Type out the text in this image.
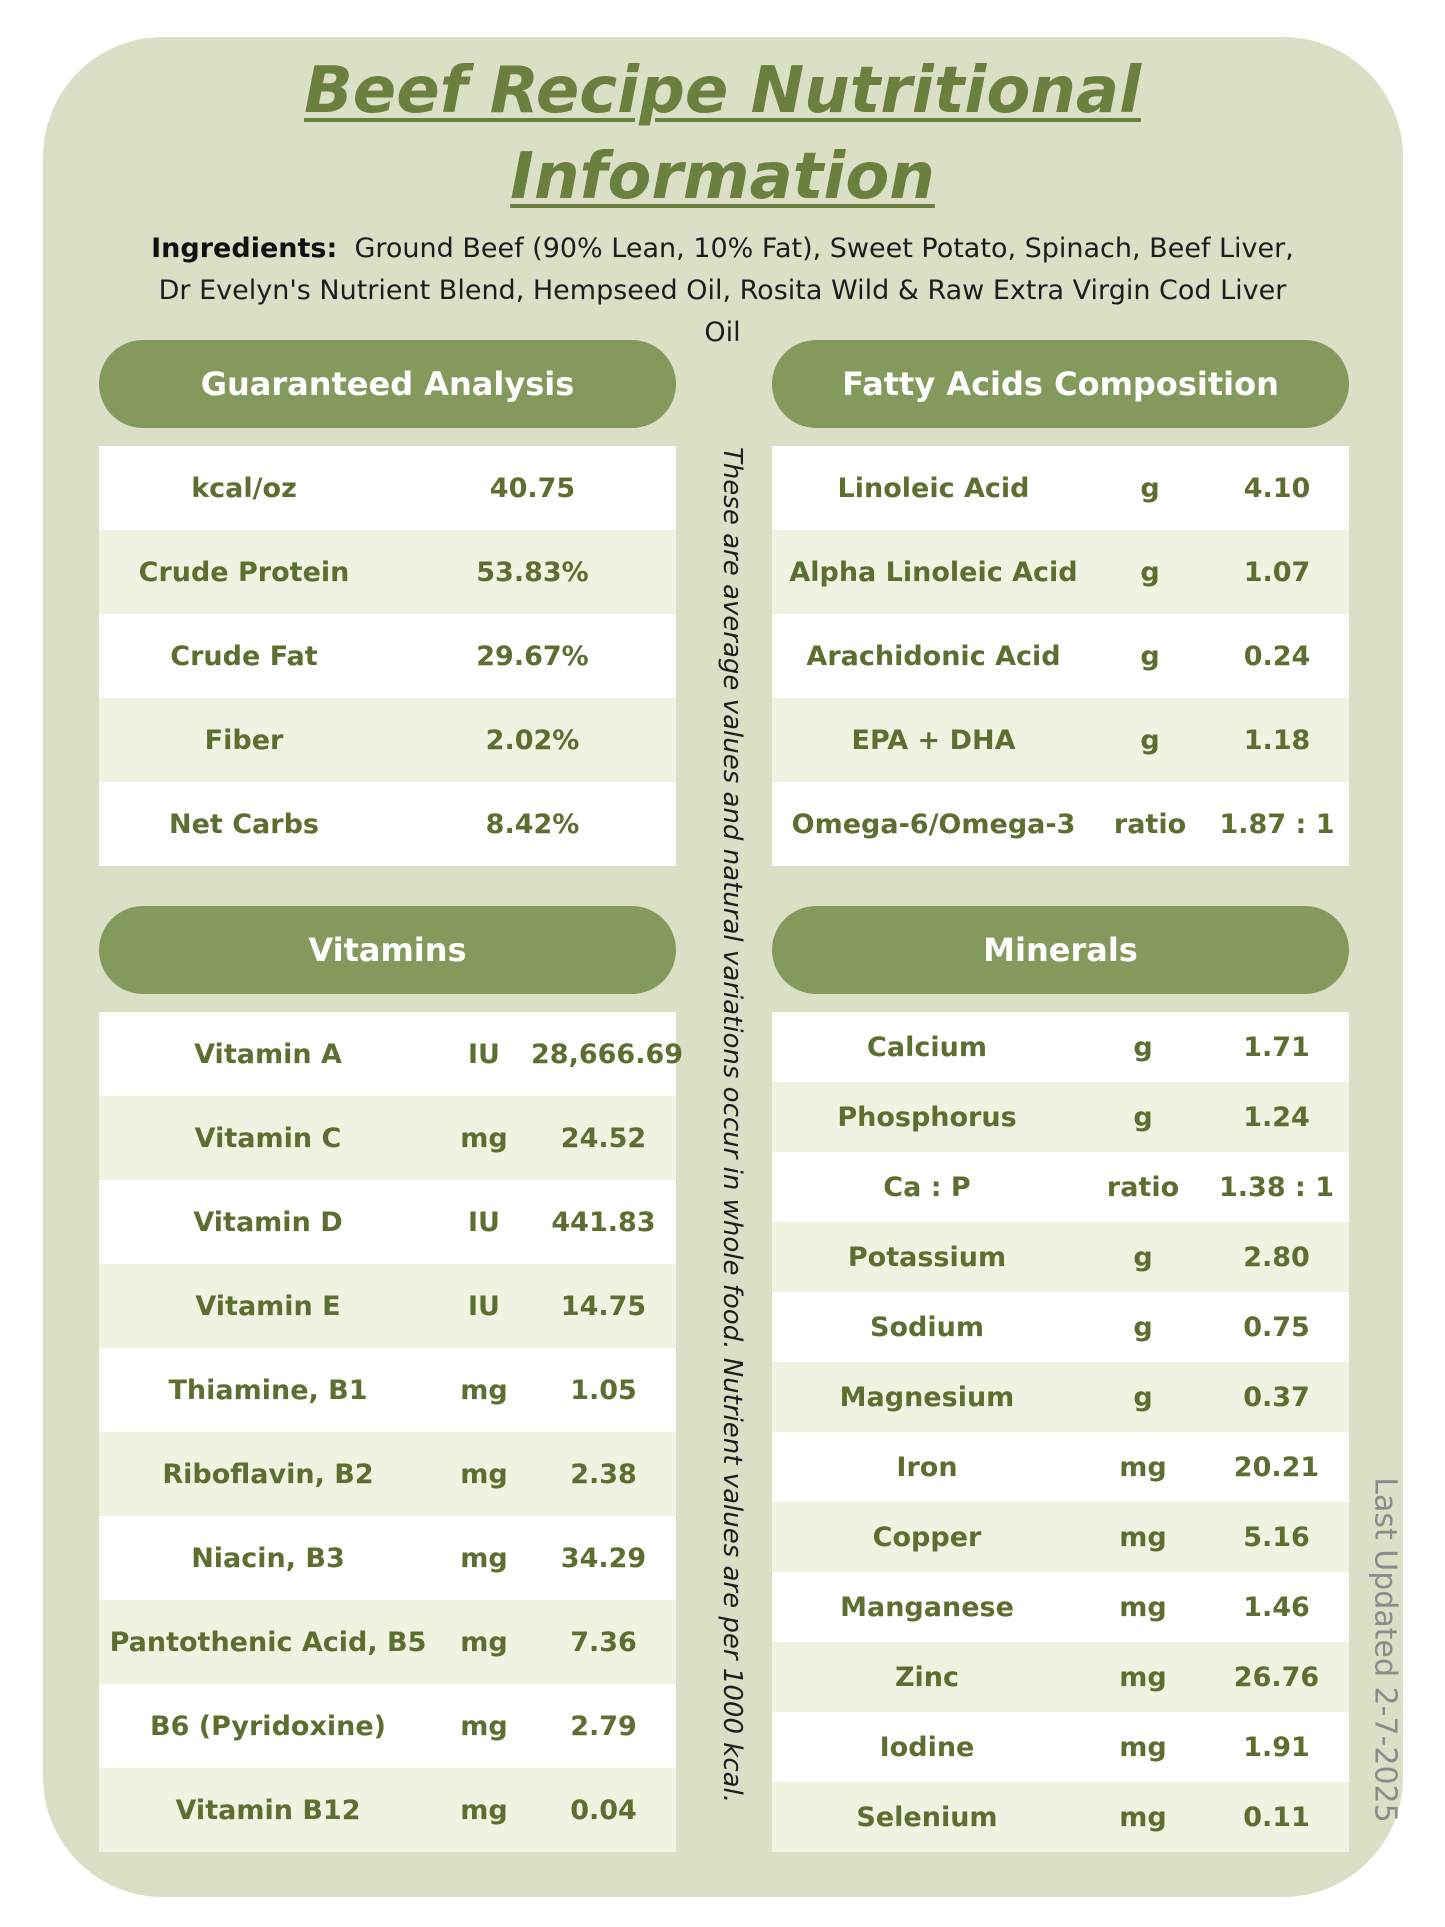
Beef Recipe Nutritional
Information
Ingredients: Ground Beef (90% Lean, 10% Fat), Sweet Potato, Spinach, Beef Liver, Dr Evelyn's Nutrient Blend, Hempseed Oil, Rosita Wild & Raw Extra Virgin Cod Liver Oil
Guaranteed Analysis
kcal/oz	40.75
Crude Protein	53.83%
Crude Fat	29.67%
Fiber	2.02%
Net Carbs	8.42%
Fatty Acids Composition
Linoleic Acid	g	4.10
Alpha Linoleic Acid	g	1.07
Arachidonic Acid	g	0.24
EPA + DHA	g	1.18
Omega-6/Omega-3	ratio	1.87 : 1
Vitamins
Vitamin A	IU	28,666.69
Vitamin C	mg	24.52
Vitamin D	IU	441.83
Vitamin E	IU	14.75
Thiamine, B1	mg	1.05
Riboflavin, B2	mg	2.38
Niacin, B3	mg	34.29
Pantothenic Acid, B5	mg	7.36
B6 (Pyridoxine)	mg	2.79
Vitamin B12	mg	0.04
Minerals
Calcium	g	1.71
Phosphorus	g	1.24
Ca : P	ratio	1.38 : 1
Potassium	g	2.80
Sodium	g	0.75
Magnesium	g	0.37
Iron	mg	20.21
Copper	mg	5.16
Manganese	mg	1.46
Zinc	mg	26.76
Iodine	mg	1.91
Selenium	mg	0.11
These are average values and natural variations occur in whole food. Nutrient values are per 1000 kcal.	Last Updated 2-7-2025
